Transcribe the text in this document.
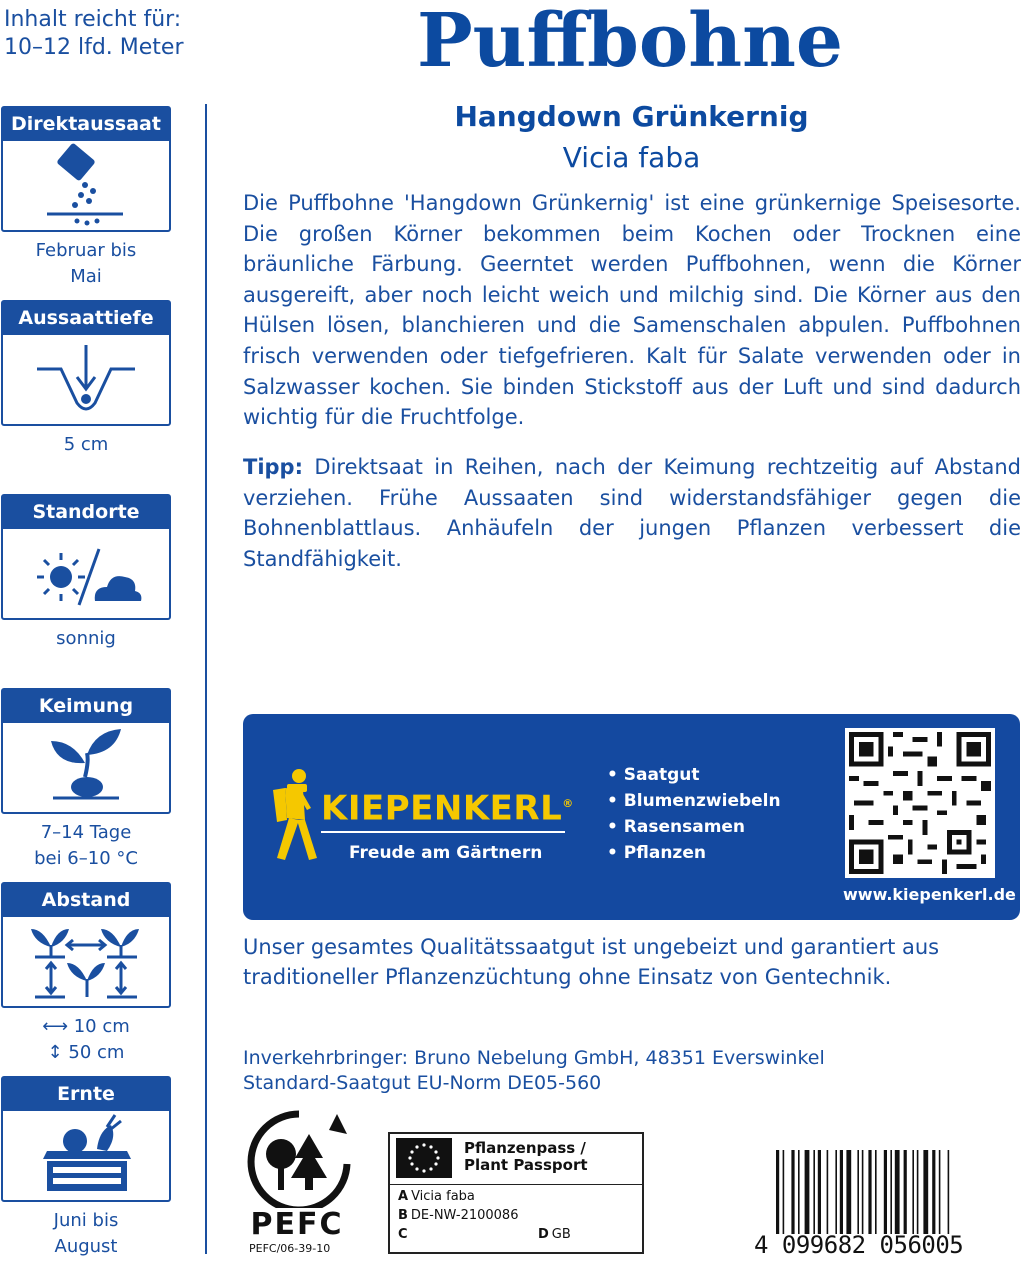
Inhalt reicht für:
10–12 lfd. Meter	Puffbohne
Hangdown Grünkernig
Vicia faba

Die Puffbohne 'Hangdown Grünkernig' ist eine grünkernige Speisesorte. Die großen Körner bekommen beim Kochen oder Trocknen eine bräunliche Färbung. Geerntet werden Puffbohnen, wenn die Körner ausgereift, aber noch leicht weich und milchig sind. Die Körner aus den Hülsen lösen, blanchieren und die Samenschalen abpulen. Puffbohnen frisch verwenden oder tiefgefrieren. Kalt für Salate verwenden oder in Salzwasser kochen. Sie binden Stickstoff aus der Luft und sind dadurch wichtig für die Fruchtfolge.

Tipp: Direktsaat in Reihen, nach der Keimung rechtzeitig auf Abstand verziehen. Frühe Aussaaten sind widerstandsfähiger gegen die Bohnenblattlaus. Anhäufeln der jungen Pflanzen verbessert die Standfähigkeit.

Direktaussaat
Februar bis
Mai
Aussaattiefe
5 cm
Standorte
sonnig
Keimung
7–14 Tage
bei 6–10 °C
Abstand
⟷ 10 cm
↕ 50 cm
Ernte
Juni bis
August
KIEPENKERL®
Freude am Gärtnern
• Saatgut
• Blumenzwiebeln
• Rasensamen
• Pflanzen
www.kiepenkerl.de

Unser gesamtes Qualitätssaatgut ist ungebeizt und garantiert aus traditioneller Pflanzenzüchtung ohne Einsatz von Gentechnik.

Inverkehrbringer: Bruno Nebelung GmbH, 48351 Everswinkel
Standard-Saatgut EU-Norm DE05-560
PEFC
PEFC/06-39-10
Pflanzenpass /
Plant Passport
A Vicia faba
B DE-NW-2100086
C	D GB	4 099682 056005
